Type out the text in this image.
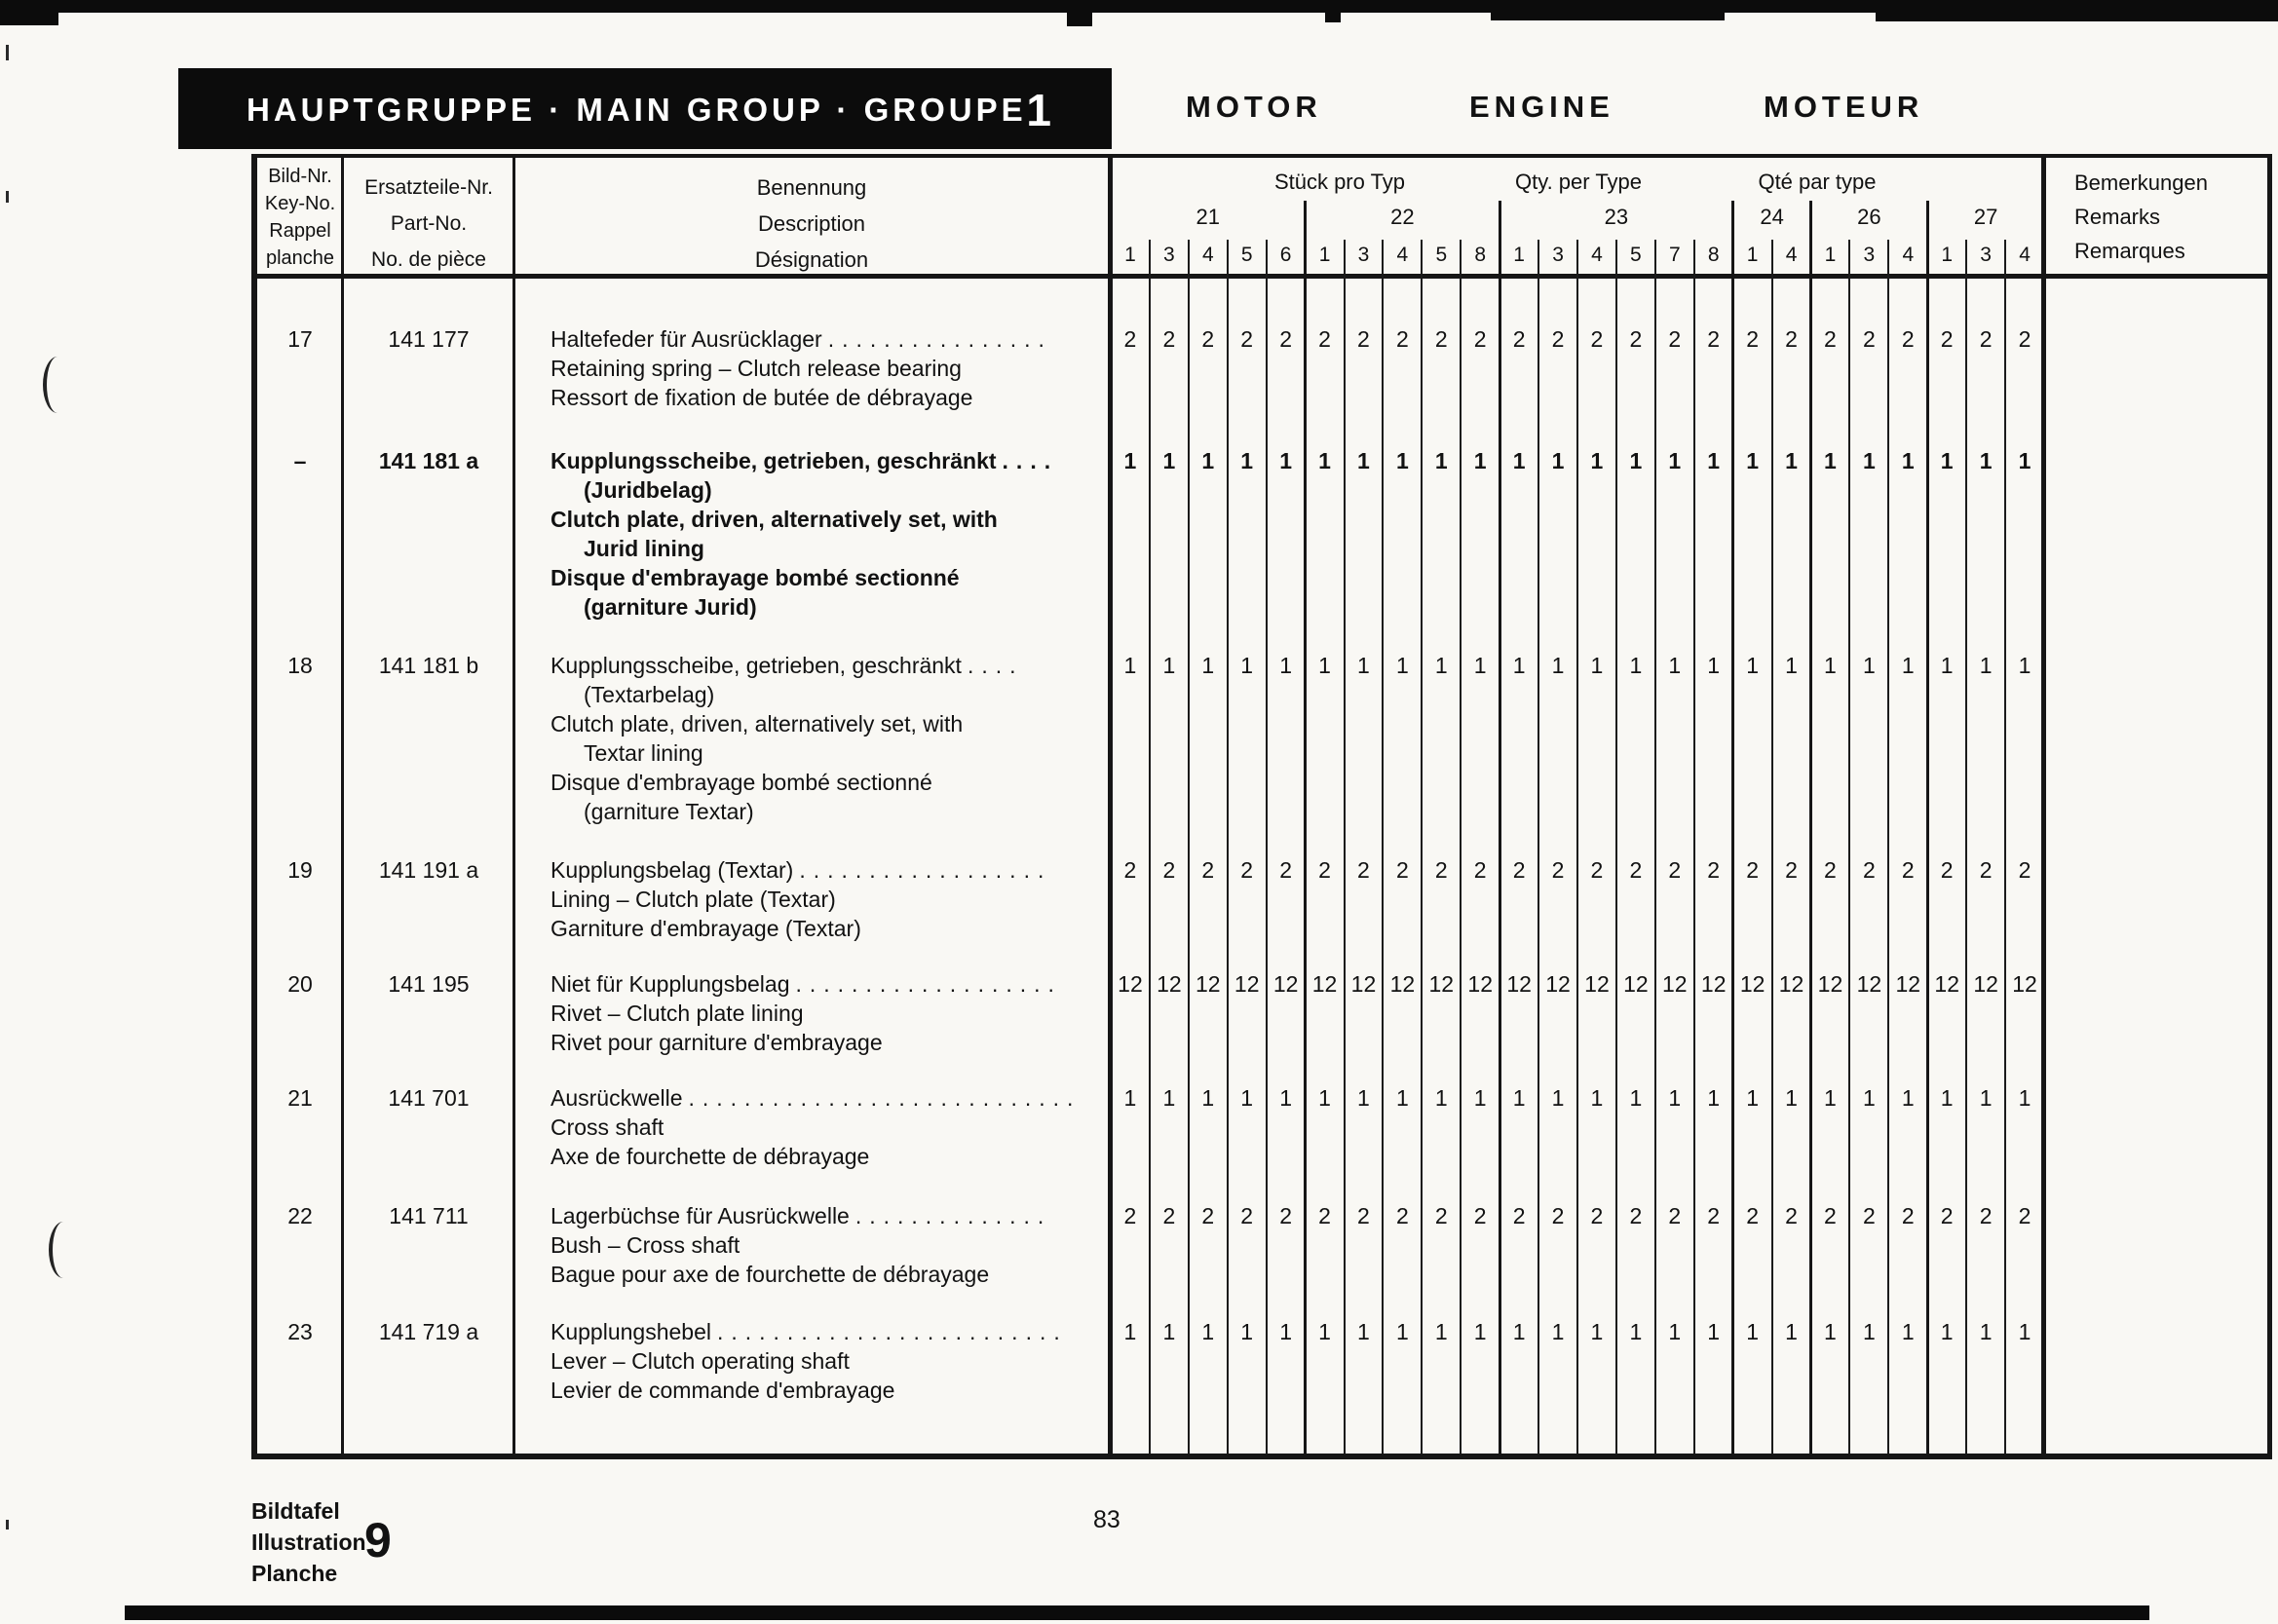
HAUPTGRUPPE · MAIN GROUP · GROUPE 1	MOTOR	ENGINE	MOTEUR
Bild-Nr.
Key-No.
Rappel
planche
Ersatzteile-Nr.
Part-No.
No. de pièce
Benennung
Description
Désignation
Stück pro Typ	Qty. per Type	Qté par type	Bemerkungen
Remarks
Remarques
21
1	3	4	5	6
22
1	3	4	5	8
23
1	3	4	5	7	8
24
1	4
26
1	3	4
27
1	3	4
17	141 177	Haltefeder für Ausrücklager ................
Retaining spring – Clutch release bearing
Ressort de fixation de butée de débrayage
2	2	2	2	2	2	2	2	2	2	2	2	2	2	2	2	2	2	2	2	2	2	2	2
–	141 181 a	Kupplungsscheibe, getrieben, geschränkt ....
(Juridbelag)
Clutch plate, driven, alternatively set, with
Jurid lining
Disque d'embrayage bombé sectionné
(garniture Jurid)
1	1	1	1	1	1	1	1	1	1	1	1	1	1	1	1	1	1	1	1	1	1	1	1
18	141 181 b	Kupplungsscheibe, getrieben, geschränkt ....
(Textarbelag)
Clutch plate, driven, alternatively set, with
Textar lining
Disque d'embrayage bombé sectionné
(garniture Textar)
1	1	1	1	1	1	1	1	1	1	1	1	1	1	1	1	1	1	1	1	1	1	1	1
19	141 191 a	Kupplungsbelag (Textar) ..................
Lining – Clutch plate (Textar)
Garniture d'embrayage (Textar)
2	2	2	2	2	2	2	2	2	2	2	2	2	2	2	2	2	2	2	2	2	2	2	2
20	141 195	Niet für Kupplungsbelag ...................
Rivet – Clutch plate lining
Rivet pour garniture d'embrayage
12 12 12 12 12 12 12 12 12 12 12 12 12 12 12 12 12 12 12 12 12 12 12 12
21	141 701	Ausrückwelle ............................
Cross shaft
Axe de fourchette de débrayage
1	1	1	1	1	1	1	1	1	1	1	1	1	1	1	1	1	1	1	1	1	1	1	1
22	141 711	Lagerbüchse für Ausrückwelle ..............
Bush – Cross shaft
Bague pour axe de fourchette de débrayage
2	2	2	2	2	2	2	2	2	2	2	2	2	2	2	2	2	2	2	2	2	2	2	2
23	141 719 a	Kupplungshebel .........................
Lever – Clutch operating shaft
Levier de commande d'embrayage
1	1	1	1	1	1	1	1	1	1	1	1	1	1	1	1	1	1	1	1	1	1	1	1
Bildtafel
Illustration
Planche
9	83
